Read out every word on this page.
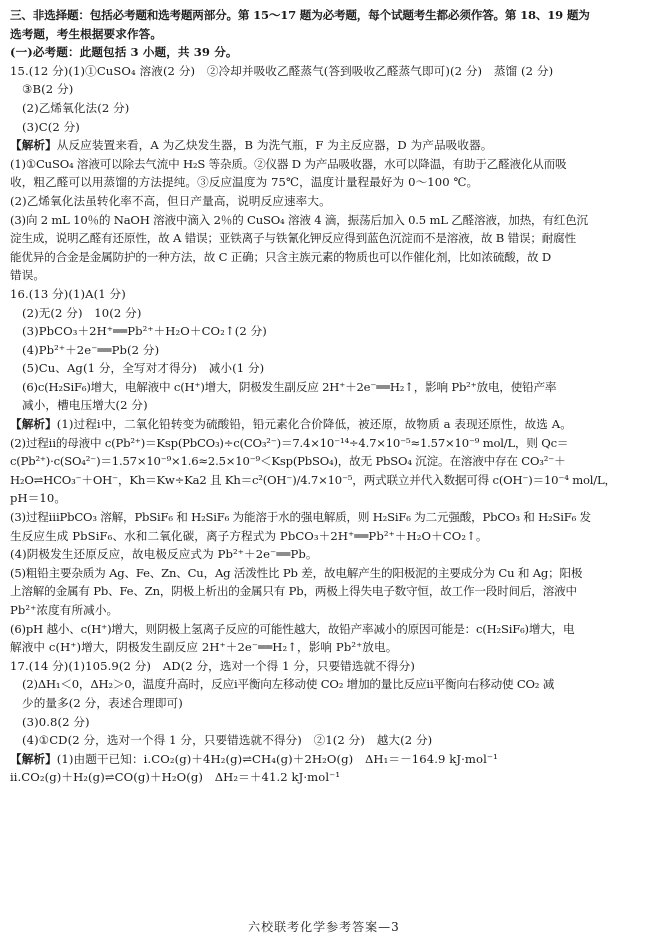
三、非选择题：包括必考题和选考题两部分。第 15～17 题为必考题，每个试题考生都必须作答。第 18、19 题为
选考题，考生根据要求作答。
(一)必考题：此题包括 3 小题，共 39 分。
15.(12 分)(1)①CuSO₄ 溶液(2 分)　②冷却并吸收乙醛蒸气(答到吸收乙醛蒸气即可)(2 分)　蒸馏 (2 分)
③B(2 分)
(2)乙烯氧化法(2 分)
(3)C(2 分)
【解析】从反应装置来看，A 为乙炔发生器，B 为洗气瓶，F 为主反应器，D 为产品吸收器。
(1)①CuSO₄ 溶液可以除去气流中 H₂S 等杂质。②仪器 D 为产品吸收器，水可以降温，有助于乙醛液化从而吸
收，粗乙醛可以用蒸馏的方法提纯。③反应温度为 75℃，温度计量程最好为 0～100 ℃。
(2)乙烯氧化法虽转化率不高，但日产量高，说明反应速率大。
(3)向 2 mL 10％的 NaOH 溶液中滴入 2％的 CuSO₄ 溶液 4 滴，振荡后加入 0.5 mL 乙醛溶液，加热，有红色沉
淀生成，说明乙醛有还原性，故 A 错误；亚铁离子与铁氰化钾反应得到蓝色沉淀而不是溶液，故 B 错误；耐腐性
能优异的合金是金属防护的一种方法，故 C 正确；只含主族元素的物质也可以作催化剂，比如浓硫酸，故 D
错误。
16.(13 分)(1)A(1 分)
(2)无(2 分)　10(2 分)
(3)PbCO₃＋2H⁺══Pb²⁺＋H₂O＋CO₂↑(2 分)
(4)Pb²⁺＋2e⁻══Pb(2 分)
(5)Cu、Ag(1 分，全写对才得分)　减小(1 分)
(6)c(H₂SiF₆)增大，电解液中 c(H⁺)增大，阴极发生副反应 2H⁺＋2e⁻══H₂↑，影响 Pb²⁺放电，使铅产率
减小，槽电压增大(2 分)
【解析】(1)过程ⅰ中，二氧化铅转变为硫酸铅，铅元素化合价降低，被还原，故物质 a 表现还原性，故选 A。
(2)过程ⅱ的母液中 c(Pb²⁺)＝Ksp(PbCO₃)÷c(CO₃²⁻)＝7.4×10⁻¹⁴÷4.7×10⁻⁵≈1.57×10⁻⁹ mol/L，则 Qc＝
c(Pb²⁺)·c(SO₄²⁻)＝1.57×10⁻⁹×1.6≈2.5×10⁻⁹＜Ksp(PbSO₄)，故无 PbSO₄ 沉淀。在溶液中存在 CO₃²⁻＋
H₂O⇌HCO₃⁻＋OH⁻，Kh＝Kw÷Ka2 且 Kh＝c²(OH⁻)/4.7×10⁻⁵，两式联立并代入数据可得 c(OH⁻)＝10⁻⁴ mol/L，
pH＝10。
(3)过程ⅲPbCO₃ 溶解，PbSiF₆ 和 H₂SiF₆ 为能溶于水的强电解质，则 H₂SiF₆ 为二元强酸，PbCO₃ 和 H₂SiF₆ 发
生反应生成 PbSiF₆、水和二氧化碳，离子方程式为 PbCO₃＋2H⁺══Pb²⁺＋H₂O＋CO₂↑。
(4)阴极发生还原反应，故电极反应式为 Pb²⁺＋2e⁻══Pb。
(5)粗铅主要杂质为 Ag、Fe、Zn、Cu，Ag 活泼性比 Pb 差，故电解产生的阳极泥的主要成分为 Cu 和 Ag；阳极
上溶解的金属有 Pb、Fe、Zn，阴极上析出的金属只有 Pb，两极上得失电子数守恒，故工作一段时间后，溶液中
Pb²⁺浓度有所减小。
(6)pH 越小、c(H⁺)增大，则阴极上氢离子反应的可能性越大，故铅产率减小的原因可能是：c(H₂SiF₆)增大，电
解液中 c(H⁺)增大，阴极发生副反应 2H⁺＋2e⁻══H₂↑，影响 Pb²⁺放电。
17.(14 分)(1)105.9(2 分)　AD(2 分，选对一个得 1 分，只要错选就不得分)
(2)ΔH₁＜0，ΔH₂＞0，温度升高时，反应ⅰ平衡向左移动使 CO₂ 增加的量比反应ⅱ平衡向右移动使 CO₂ 减
少的量多(2 分，表述合理即可)
(3)0.8(2 分)
(4)①CD(2 分，选对一个得 1 分，只要错选就不得分)　②1(2 分)　越大(2 分)
【解析】(1)由题干已知：ⅰ.CO₂(g)＋4H₂(g)⇌CH₄(g)＋2H₂O(g)　ΔH₁＝－164.9 kJ·mol⁻¹
ⅱ.CO₂(g)＋H₂(g)⇌CO(g)＋H₂O(g)　ΔH₂＝＋41.2 kJ·mol⁻¹
六校联考化学参考答案—3
